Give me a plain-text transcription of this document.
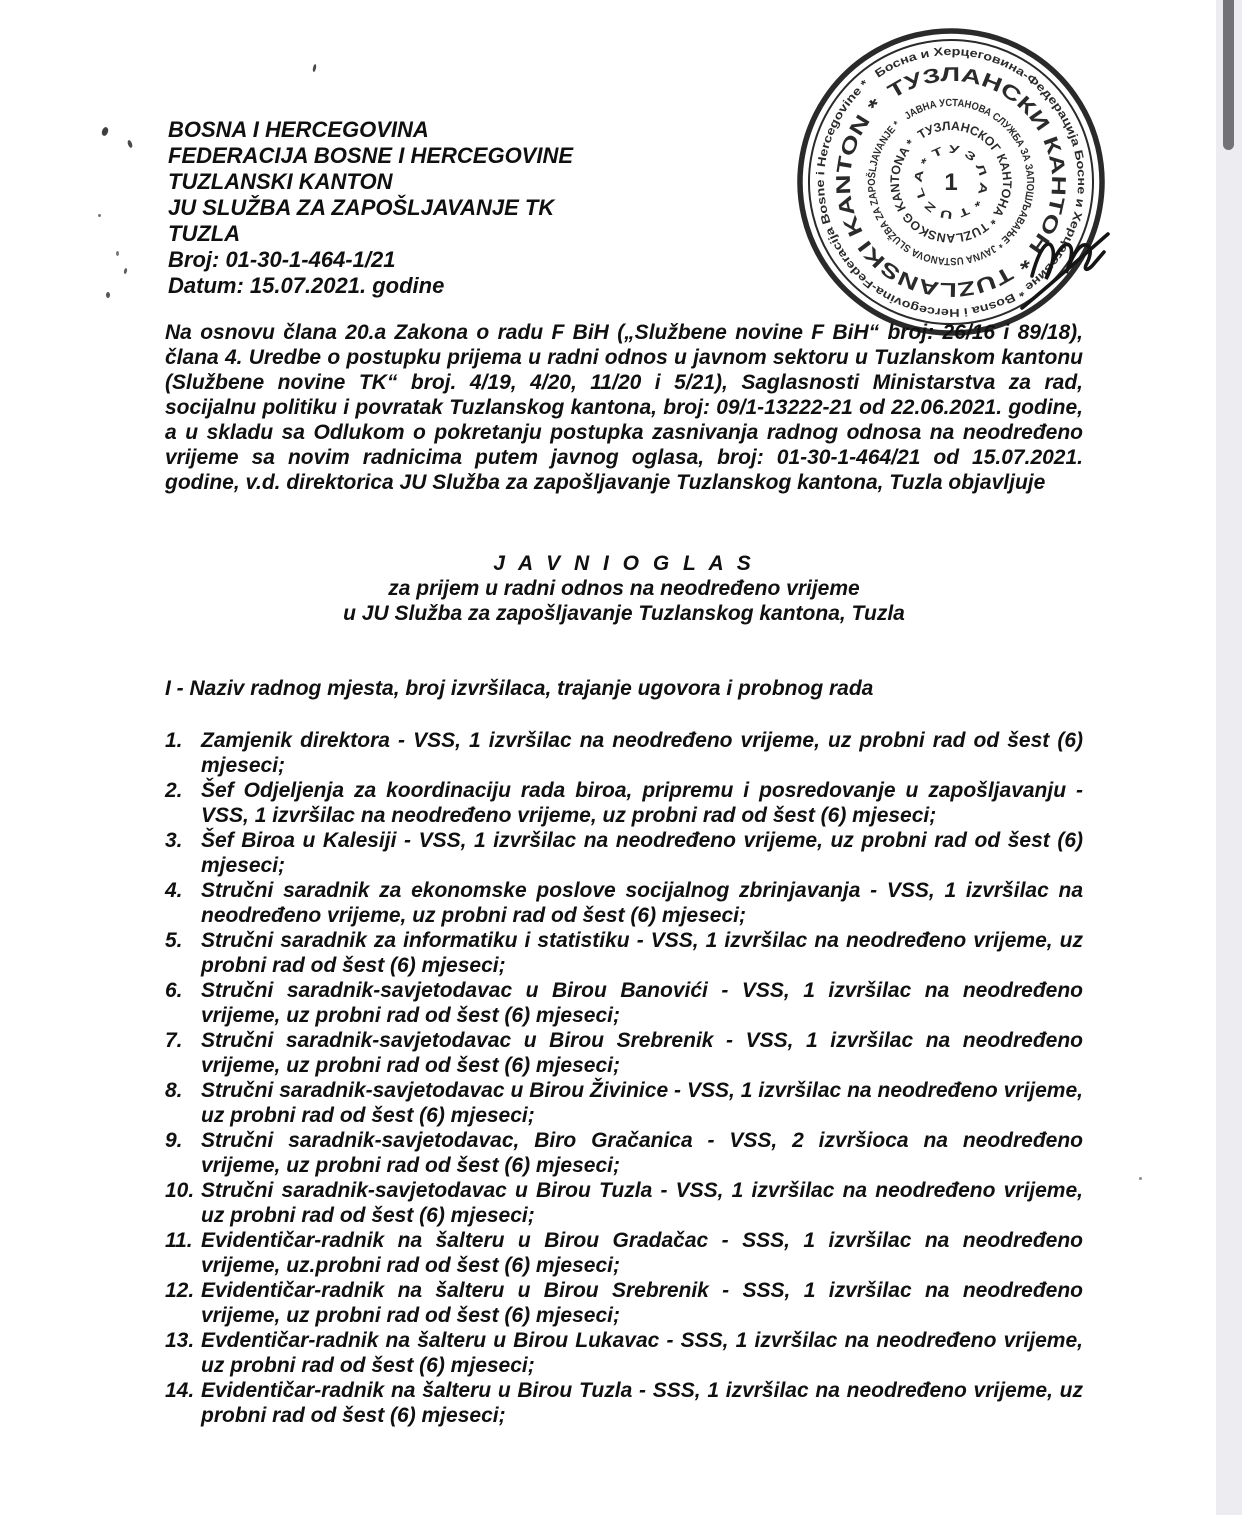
BOSNA I HERCEGOVINA
FEDERACIJA BOSNE I HERCEGOVINE
TUZLANSKI KANTON
JU SLUŽBA ZA ZAPOŠLJAVANJE TK
TUZLA
Broj: 01-30-1-464-1/21
Datum: 15.07.2021. godine
Босна и Херцеговина-Федерација Босне и Херцеговине * Bosna i Hercegovina-Federacija Bosne i Hercegovine * ТУЗЛАНСКИ КАНТОН * TUZLANSKI KANTON *	ЈАВНА УСТАНОВА СЛУЖБА ЗА ЗАПОШЉАВАЊЕ * JAVNA USTANOVA SLUŽBA ZA ZAPOŠLJAVANJE *
ТУЗЛАНСКОГ КАНТОНА * TUZLANSKOG KANTONA *
Т У З Л А * T U Z L A *
1

Na osnovu člana 20.a Zakona o radu F BiH („Službene novine F BiH“ broj: 26/16 i 89/18), člana 4. Uredbe o postupku prijema u radni odnos u javnom sektoru u Tuzlanskom kantonu (Službene novine TK“ broj. 4/19, 4/20, 11/20 i 5/21), Saglasnosti Ministarstva za rad, socijalnu politiku i povratak Tuzlanskog kantona, broj: 09/1-13222-21 od 22.06.2021. godine, a u skladu sa Odlukom o pokretanju postupka zasnivanja radnog odnosa na neodređeno vrijeme sa novim radnicima putem javnog oglasa, broj: 01-30-1-464/21 od 15.07.2021. godine, v.d. direktorica JU Služba za zapošljavanje Tuzlanskog kantona, Tuzla objavljuje

J A V N I O G L A S
za prijem u radni odnos na neodređeno vrijeme
u JU Služba za zapošljavanje Tuzlanskog kantona, Tuzla
I - Naziv radnog mjesta, broj izvršilaca, trajanje ugovora i probnog rada
1. Zamjenik direktora - VSS, 1 izvršilac na neodređeno vrijeme, uz probni rad od šest (6) mjeseci;
2. Šef Odjeljenja za koordinaciju rada biroa, pripremu i posredovanje u zapošljavanju - VSS, 1 izvršilac na neodređeno vrijeme, uz probni rad od šest (6) mjeseci;
3. Šef Biroa u Kalesiji - VSS, 1 izvršilac na neodređeno vrijeme, uz probni rad od šest (6) mjeseci;
4. Stručni saradnik za ekonomske poslove socijalnog zbrinjavanja - VSS, 1 izvršilac na neodređeno vrijeme, uz probni rad od šest (6) mjeseci;
5. Stručni saradnik za informatiku i statistiku - VSS, 1 izvršilac na neodređeno vrijeme, uz probni rad od šest (6) mjeseci;
6. Stručni saradnik-savjetodavac u Birou Banovići - VSS, 1 izvršilac na neodređeno vrijeme, uz probni rad od šest (6) mjeseci;
7. Stručni saradnik-savjetodavac u Birou Srebrenik - VSS, 1 izvršilac na neodređeno vrijeme, uz probni rad od šest (6) mjeseci;
8. Stručni saradnik-savjetodavac u Birou Živinice - VSS, 1 izvršilac na neodređeno vrijeme, uz probni rad od šest (6) mjeseci;
9. Stručni saradnik-savjetodavac, Biro Gračanica - VSS, 2 izvršioca na neodređeno vrijeme, uz probni rad od šest (6) mjeseci;
10. Stručni saradnik-savjetodavac u Birou Tuzla - VSS, 1 izvršilac na neodređeno vrijeme, uz probni rad od šest (6) mjeseci;
11. Evidentičar-radnik na šalteru u Birou Gradačac - SSS, 1 izvršilac na neodređeno vrijeme, uz.probni rad od šest (6) mjeseci;
12. Evidentičar-radnik na šalteru u Birou Srebrenik - SSS, 1 izvršilac na neodređeno vrijeme, uz probni rad od šest (6) mjeseci;
13. Evdentičar-radnik na šalteru u Birou Lukavac - SSS, 1 izvršilac na neodređeno vrijeme, uz probni rad od šest (6) mjeseci;
14. Evidentičar-radnik na šalteru u Birou Tuzla - SSS, 1 izvršilac na neodređeno vrijeme, uz probni rad od šest (6) mjeseci;
